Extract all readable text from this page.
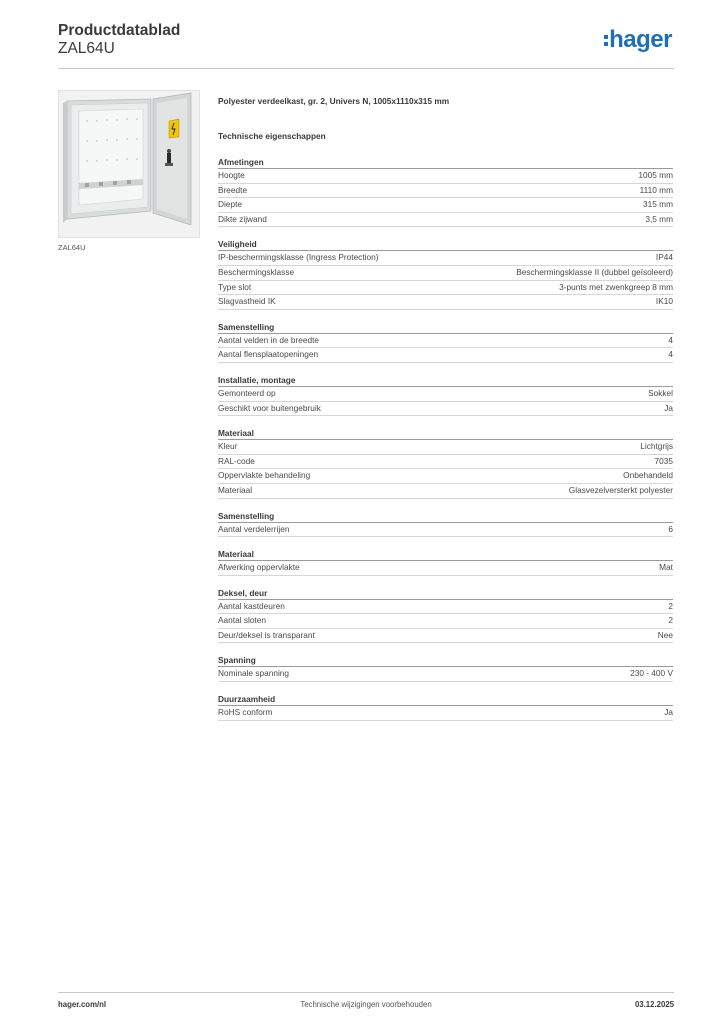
Productdatablad
ZAL64U	hager
ZAL64U
Polyester verdeelkast, gr. 2, Univers N, 1005x1110x315 mm
Technische eigenschappen
Afmetingen
Hoogte	1005 mm
Breedte	1110 mm
Diepte	315 mm
Dikte zijwand	3,5 mm
Veiligheid
IP-beschermingsklasse (Ingress Protection)	IP44
Beschermingsklasse	Beschermingsklasse II (dubbel geïsoleerd)
Type slot	3-punts met zwenkgreep 8 mm
Slagvastheid IK	IK10
Samenstelling
Aantal velden in de breedte	4
Aantal flensplaatopeningen	4
Installatie, montage
Gemonteerd op	Sokkel
Geschikt voor buitengebruik	Ja
Materiaal
Kleur	Lichtgrijs
RAL-code	7035
Oppervlakte behandeling	Onbehandeld
Materiaal	Glasvezelversterkt polyester
Samenstelling
Aantal verdelerrijen	6
Materiaal
Afwerking oppervlakte	Mat
Deksel, deur
Aantal kastdeuren	2
Aantal sloten	2
Deur/deksel is transparant	Nee
Spanning
Nominale spanning	230 - 400 V
Duurzaamheid
RoHS conform	Ja
hager.com/nl	Technische wijzigingen voorbehouden	03.12.2025
